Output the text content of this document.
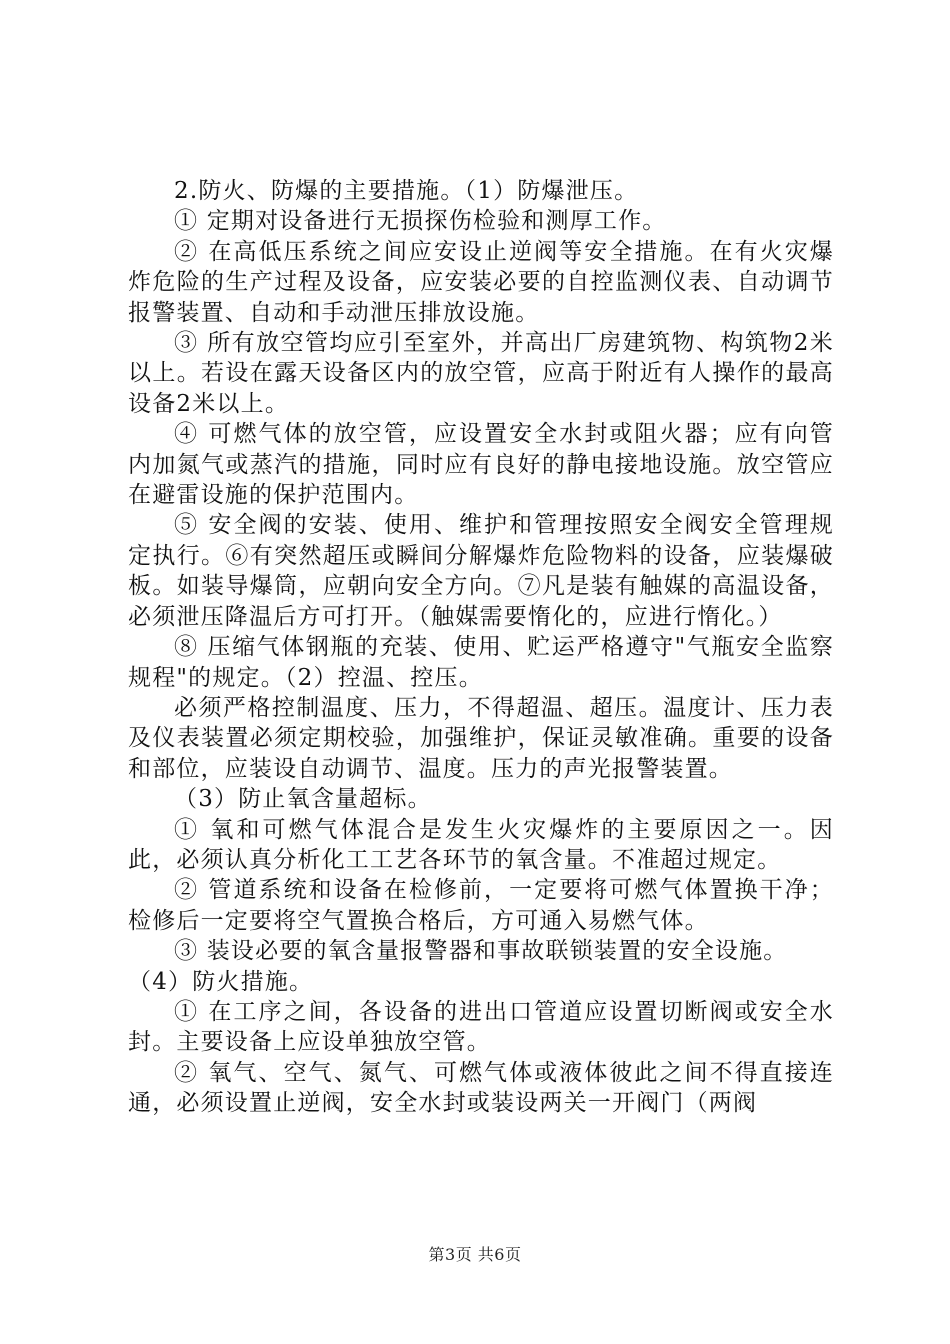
2.防火、防爆的主要措施。（1）防爆泄压。

① 定期对设备进行无损探伤检验和测厚工作。

② 在高低压系统之间应安设止逆阀等安全措施。在有火灾爆炸危险的生产过程及设备，应安装必要的自控监测仪表、自动调节报警装置、自动和手动泄压排放设施。

③ 所有放空管均应引至室外，并高出厂房建筑物、构筑物2米以上。若设在露天设备区内的放空管，应高于附近有人操作的最高设备2米以上。

④ 可燃气体的放空管，应设置安全水封或阻火器；应有向管内加氮气或蒸汽的措施，同时应有良好的静电接地设施。放空管应在避雷设施的保护范围内。

⑤ 安全阀的安装、使用、维护和管理按照安全阀安全管理规定执行。⑥有突然超压或瞬间分解爆炸危险物料的设备，应装爆破板。如装导爆筒，应朝向安全方向。⑦凡是装有触媒的高温设备，必须泄压降温后方可打开。（触媒需要惰化的，应进行惰化。）

⑧ 压缩气体钢瓶的充装、使用、贮运严格遵守"气瓶安全监察规程"的规定。（2）控温、控压。

必须严格控制温度、压力，不得超温、超压。温度计、压力表及仪表装置必须定期校验，加强维护，保证灵敏准确。重要的设备和部位，应装设自动调节、温度。压力的声光报警装置。

（3）防止氧含量超标。

① 氧和可燃气体混合是发生火灾爆炸的主要原因之一。因此，必须认真分析化工工艺各环节的氧含量。不准超过规定。

② 管道系统和设备在检修前，一定要将可燃气体置换干净；检修后一定要将空气置换合格后，方可通入易燃气体。

③ 装设必要的氧含量报警器和事故联锁装置的安全设施。

（4）防火措施。

① 在工序之间，各设备的进出口管道应设置切断阀或安全水封。主要设备上应设单独放空管。

② 氧气、空气、氮气、可燃气体或液体彼此之间不得直接连通，必须设置止逆阀，安全水封或装设两关一开阀门（两阀

第3页 共6页
